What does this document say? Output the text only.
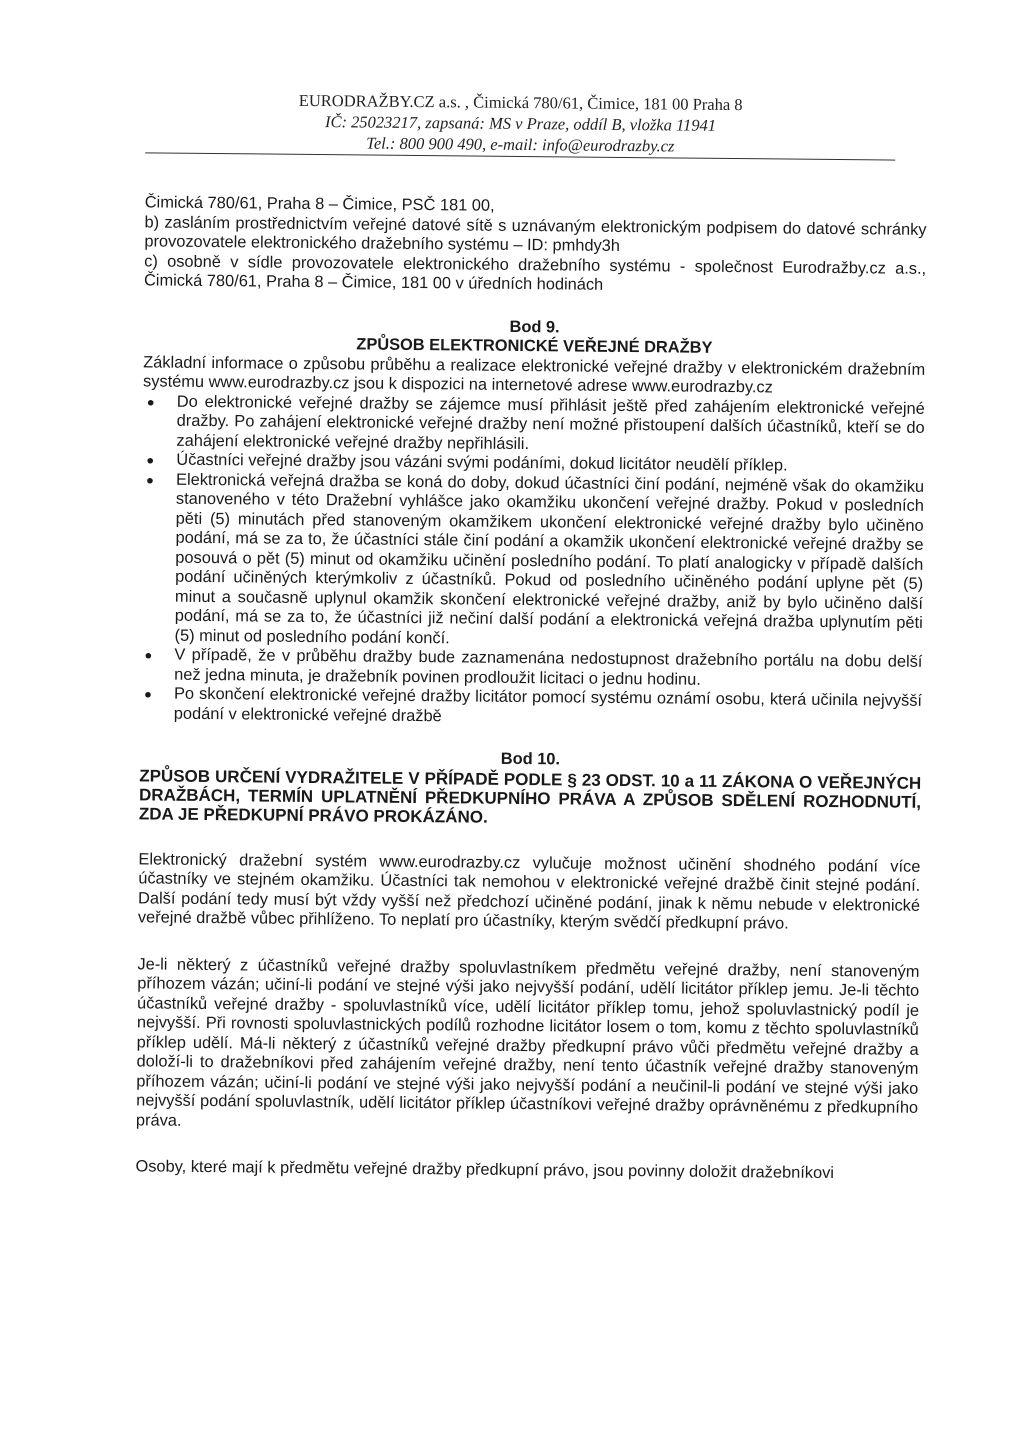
EURODRAŽBY.CZ a.s. , Čimická 780/61, Čimice, 181 00 Praha 8
IČ: 25023217, zapsaná: MS v Praze, oddíl B, vložka 11941
Tel.: 800 900 490, e-mail: info@eurodrazby.cz

Čimická 780/61, Praha 8 – Čimice, PSČ 181 00,

b) zasláním prostřednictvím veřejné datové sítě s uznávaným elektronickým podpisem do datové schránky provozovatele elektronického dražebního systému – ID: pmhdy3h

c) osobně v sídle provozovatele elektronického dražebního systému - společnost Eurodražby.cz a.s., Čimická 780/61, Praha 8 – Čimice, 181 00 v úředních hodinách

Bod 9.

ZPŮSOB ELEKTRONICKÉ VEŘEJNÉ DRAŽBY

Základní informace o způsobu průběhu a realizace elektronické veřejné dražby v elektronickém dražebním systému www.eurodrazby.cz jsou k dispozici na internetové adrese www.eurodrazby.cz

● Do elektronické veřejné dražby se zájemce musí přihlásit ještě před zahájením elektronické veřejné dražby. Po zahájení elektronické veřejné dražby není možné přistoupení dalších účastníků, kteří se do zahájení elektronické veřejné dražby nepřihlásili.
● Účastníci veřejné dražby jsou vázáni svými podáními, dokud licitátor neudělí příklep.
● Elektronická veřejná dražba se koná do doby, dokud účastníci činí podání, nejméně však do okamžiku stanoveného v této Dražební vyhlášce jako okamžiku ukončení veřejné dražby. Pokud v posledních pěti (5) minutách před stanoveným okamžikem ukončení elektronické veřejné dražby bylo učiněno podání, má se za to, že účastníci stále činí podání a okamžik ukončení elektronické veřejné dražby se posouvá o pět (5) minut od okamžiku učinění posledního podání. To platí analogicky v případě dalších podání učiněných kterýmkoliv z účastníků. Pokud od posledního učiněného podání uplyne pět (5) minut a současně uplynul okamžik skončení elektronické veřejné dražby, aniž by bylo učiněno další podání, má se za to, že účastníci již nečiní další podání a elektronická veřejná dražba uplynutím pěti (5) minut od posledního podání končí.
● V případě, že v průběhu dražby bude zaznamenána nedostupnost dražebního portálu na dobu delší než jedna minuta, je dražebník povinen prodloužit licitaci o jednu hodinu.
● Po skončení elektronické veřejné dražby licitátor pomocí systému oznámí osobu, která učinila nejvyšší podání v elektronické veřejné dražbě

Bod 10.

ZPŮSOB URČENÍ VYDRAŽITELE V PŘÍPADĚ PODLE § 23 ODST. 10 a 11 ZÁKONA O VEŘEJNÝCH DRAŽBÁCH, TERMÍN UPLATNĚNÍ PŘEDKUPNÍHO PRÁVA A ZPŮSOB SDĚLENÍ ROZHODNUTÍ, ZDA JE PŘEDKUPNÍ PRÁVO PROKÁZÁNO.

Elektronický dražební systém www.eurodrazby.cz vylučuje možnost učinění shodného podání více účastníky ve stejném okamžiku. Účastníci tak nemohou v elektronické veřejné dražbě činit stejné podání. Další podání tedy musí být vždy vyšší než předchozí učiněné podání, jinak k němu nebude v elektronické veřejné dražbě vůbec přihlíženo. To neplatí pro účastníky, kterým svědčí předkupní právo.

Je-li některý z účastníků veřejné dražby spoluvlastníkem předmětu veřejné dražby, není stanoveným příhozem vázán; učiní-li podání ve stejné výši jako nejvyšší podání, udělí licitátor příklep jemu. Je-li těchto účastníků veřejné dražby - spoluvlastníků více, udělí licitátor příklep tomu, jehož spoluvlastnický podíl je nejvyšší. Při rovnosti spoluvlastnických podílů rozhodne licitátor losem o tom, komu z těchto spoluvlastníků příklep udělí. Má-li některý z účastníků veřejné dražby předkupní právo vůči předmětu veřejné dražby a doloží-li to dražebníkovi před zahájením veřejné dražby, není tento účastník veřejné dražby stanoveným příhozem vázán; učiní-li podání ve stejné výši jako nejvyšší podání a neučinil-li podání ve stejné výši jako nejvyšší podání spoluvlastník, udělí licitátor příklep účastníkovi veřejné dražby oprávněnému z předkupního práva.

Osoby, které mají k předmětu veřejné dražby předkupní právo, jsou povinny doložit dražebníkovi
